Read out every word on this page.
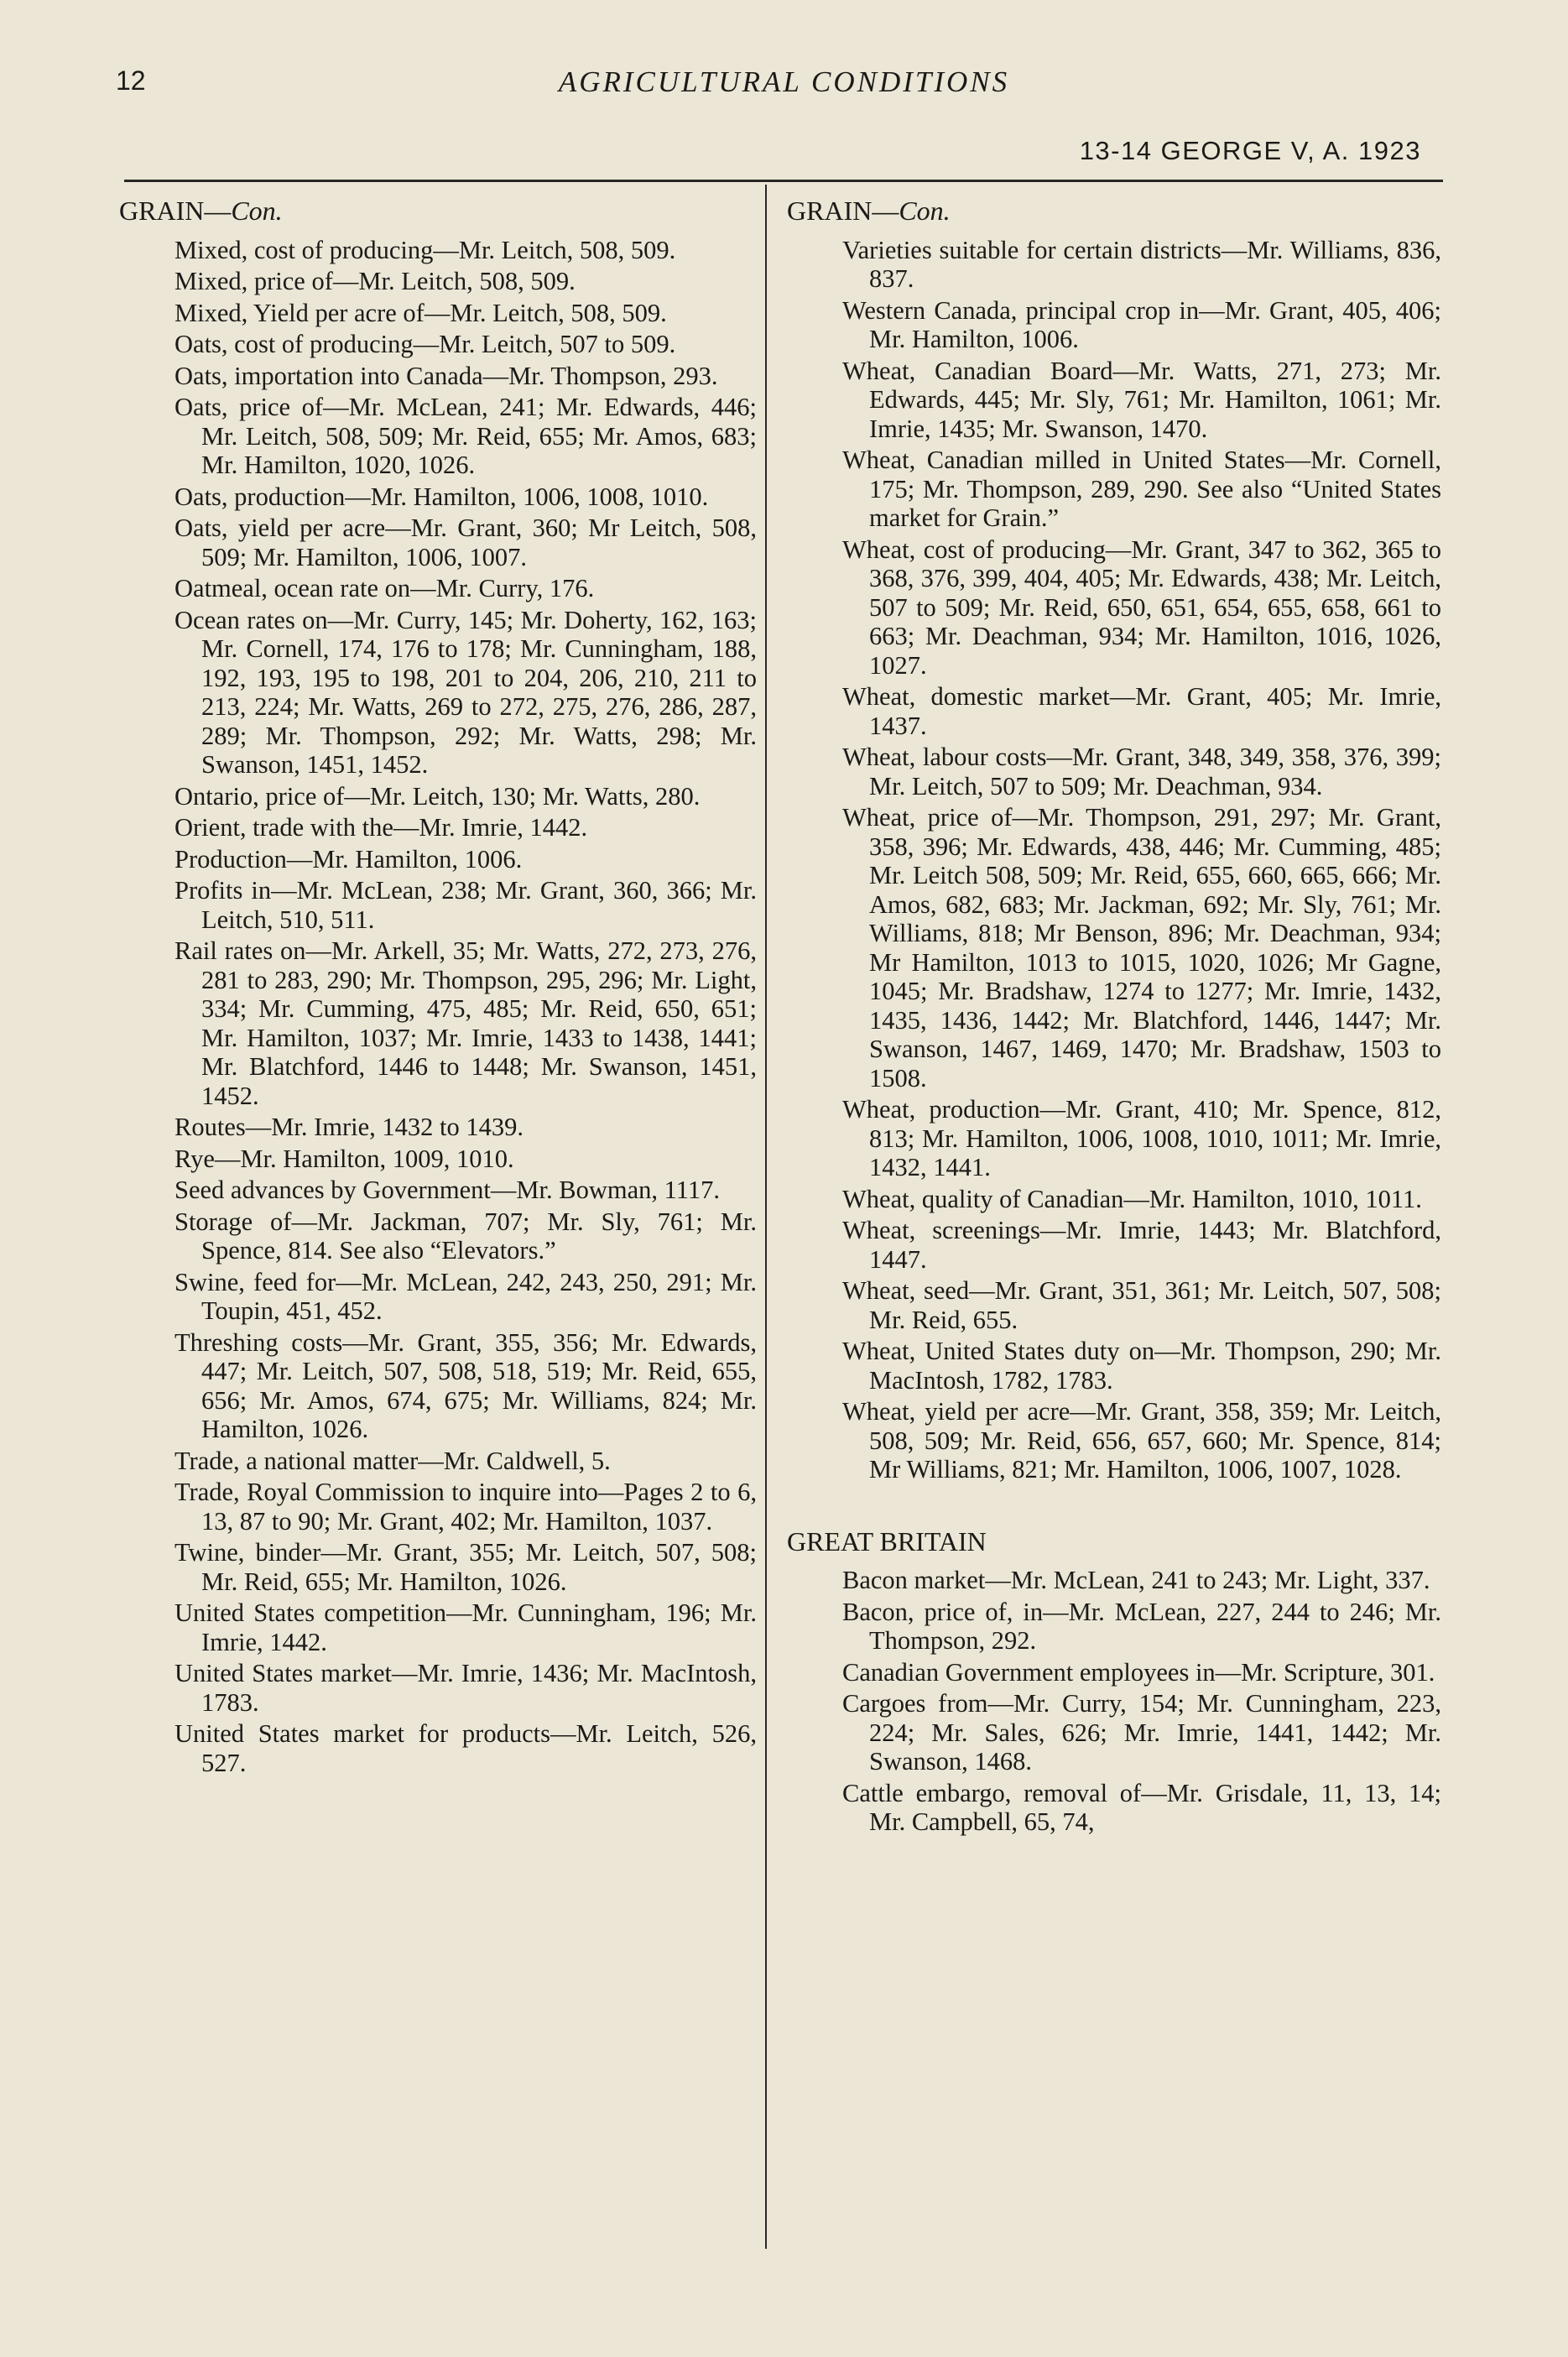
12	AGRICULTURAL CONDITIONS
13-14 GEORGE V, A. 1923
GRAIN—Con.
Mixed, cost of producing—Mr. Leitch, 508, 509.
Mixed, price of—Mr. Leitch, 508, 509.
Mixed, Yield per acre of—Mr. Leitch, 508, 509.
Oats, cost of producing—Mr. Leitch, 507 to 509.
Oats, importation into Canada—Mr. Thompson, 293.
Oats, price of—Mr. McLean, 241; Mr. Edwards, 446; Mr. Leitch, 508, 509; Mr. Reid, 655; Mr. Amos, 683; Mr. Hamilton, 1020, 1026.
Oats, production—Mr. Hamilton, 1006, 1008, 1010.
Oats, yield per acre—Mr. Grant, 360; Mr Leitch, 508, 509; Mr. Hamilton, 1006, 1007.
Oatmeal, ocean rate on—Mr. Curry, 176.
Ocean rates on—Mr. Curry, 145; Mr. Doherty, 162, 163; Mr. Cornell, 174, 176 to 178; Mr. Cunningham, 188, 192, 193, 195 to 198, 201 to 204, 206, 210, 211 to 213, 224; Mr. Watts, 269 to 272, 275, 276, 286, 287, 289; Mr. Thompson, 292; Mr. Watts, 298; Mr. Swanson, 1451, 1452.
Ontario, price of—Mr. Leitch, 130; Mr. Watts, 280.
Orient, trade with the—Mr. Imrie, 1442.
Production—Mr. Hamilton, 1006.
Profits in—Mr. McLean, 238; Mr. Grant, 360, 366; Mr. Leitch, 510, 511.
Rail rates on—Mr. Arkell, 35; Mr. Watts, 272, 273, 276, 281 to 283, 290; Mr. Thompson, 295, 296; Mr. Light, 334; Mr. Cumming, 475, 485; Mr. Reid, 650, 651; Mr. Hamilton, 1037; Mr. Imrie, 1433 to 1438, 1441; Mr. Blatchford, 1446 to 1448; Mr. Swanson, 1451, 1452.
Routes—Mr. Imrie, 1432 to 1439.
Rye—Mr. Hamilton, 1009, 1010.
Seed advances by Government—Mr. Bowman, 1117.
Storage of—Mr. Jackman, 707; Mr. Sly, 761; Mr. Spence, 814. See also “Elevators.”
Swine, feed for—Mr. McLean, 242, 243, 250, 291; Mr. Toupin, 451, 452.
Threshing costs—Mr. Grant, 355, 356; Mr. Edwards, 447; Mr. Leitch, 507, 508, 518, 519; Mr. Reid, 655, 656; Mr. Amos, 674, 675; Mr. Williams, 824; Mr. Hamilton, 1026.
Trade, a national matter—Mr. Caldwell, 5.
Trade, Royal Commission to inquire into—Pages 2 to 6, 13, 87 to 90; Mr. Grant, 402; Mr. Hamilton, 1037.
Twine, binder—Mr. Grant, 355; Mr. Leitch, 507, 508; Mr. Reid, 655; Mr. Hamilton, 1026.
United States competition—Mr. Cunningham, 196; Mr. Imrie, 1442.
United States market—Mr. Imrie, 1436; Mr. MacIntosh, 1783.
United States market for products—Mr. Leitch, 526, 527.
GRAIN—Con.
Varieties suitable for certain districts—Mr. Williams, 836, 837.
Western Canada, principal crop in—Mr. Grant, 405, 406; Mr. Hamilton, 1006.
Wheat, Canadian Board—Mr. Watts, 271, 273; Mr. Edwards, 445; Mr. Sly, 761; Mr. Hamilton, 1061; Mr. Imrie, 1435; Mr. Swanson, 1470.
Wheat, Canadian milled in United States—Mr. Cornell, 175; Mr. Thompson, 289, 290. See also “United States market for Grain.”
Wheat, cost of producing—Mr. Grant, 347 to 362, 365 to 368, 376, 399, 404, 405; Mr. Edwards, 438; Mr. Leitch, 507 to 509; Mr. Reid, 650, 651, 654, 655, 658, 661 to 663; Mr. Deachman, 934; Mr. Hamilton, 1016, 1026, 1027.
Wheat, domestic market—Mr. Grant, 405; Mr. Imrie, 1437.
Wheat, labour costs—Mr. Grant, 348, 349, 358, 376, 399; Mr. Leitch, 507 to 509; Mr. Deachman, 934.
Wheat, price of—Mr. Thompson, 291, 297; Mr. Grant, 358, 396; Mr. Edwards, 438, 446; Mr. Cumming, 485; Mr. Leitch 508, 509; Mr. Reid, 655, 660, 665, 666; Mr. Amos, 682, 683; Mr. Jackman, 692; Mr. Sly, 761; Mr. Williams, 818; Mr Benson, 896; Mr. Deachman, 934; Mr Hamilton, 1013 to 1015, 1020, 1026; Mr Gagne, 1045; Mr. Bradshaw, 1274 to 1277; Mr. Imrie, 1432, 1435, 1436, 1442; Mr. Blatchford, 1446, 1447; Mr. Swanson, 1467, 1469, 1470; Mr. Bradshaw, 1503 to 1508.
Wheat, production—Mr. Grant, 410; Mr. Spence, 812, 813; Mr. Hamilton, 1006, 1008, 1010, 1011; Mr. Imrie, 1432, 1441.
Wheat, quality of Canadian—Mr. Hamilton, 1010, 1011.
Wheat, screenings—Mr. Imrie, 1443; Mr. Blatchford, 1447.
Wheat, seed—Mr. Grant, 351, 361; Mr. Leitch, 507, 508; Mr. Reid, 655.
Wheat, United States duty on—Mr. Thompson, 290; Mr. MacIntosh, 1782, 1783.
Wheat, yield per acre—Mr. Grant, 358, 359; Mr. Leitch, 508, 509; Mr. Reid, 656, 657, 660; Mr. Spence, 814; Mr Williams, 821; Mr. Hamilton, 1006, 1007, 1028.
GREAT BRITAIN
Bacon market—Mr. McLean, 241 to 243; Mr. Light, 337.
Bacon, price of, in—Mr. McLean, 227, 244 to 246; Mr. Thompson, 292.
Canadian Government employees in—Mr. Scripture, 301.
Cargoes from—Mr. Curry, 154; Mr. Cunningham, 223, 224; Mr. Sales, 626; Mr. Imrie, 1441, 1442; Mr. Swanson, 1468.
Cattle embargo, removal of—Mr. Grisdale, 11, 13, 14; Mr. Campbell, 65, 74,
